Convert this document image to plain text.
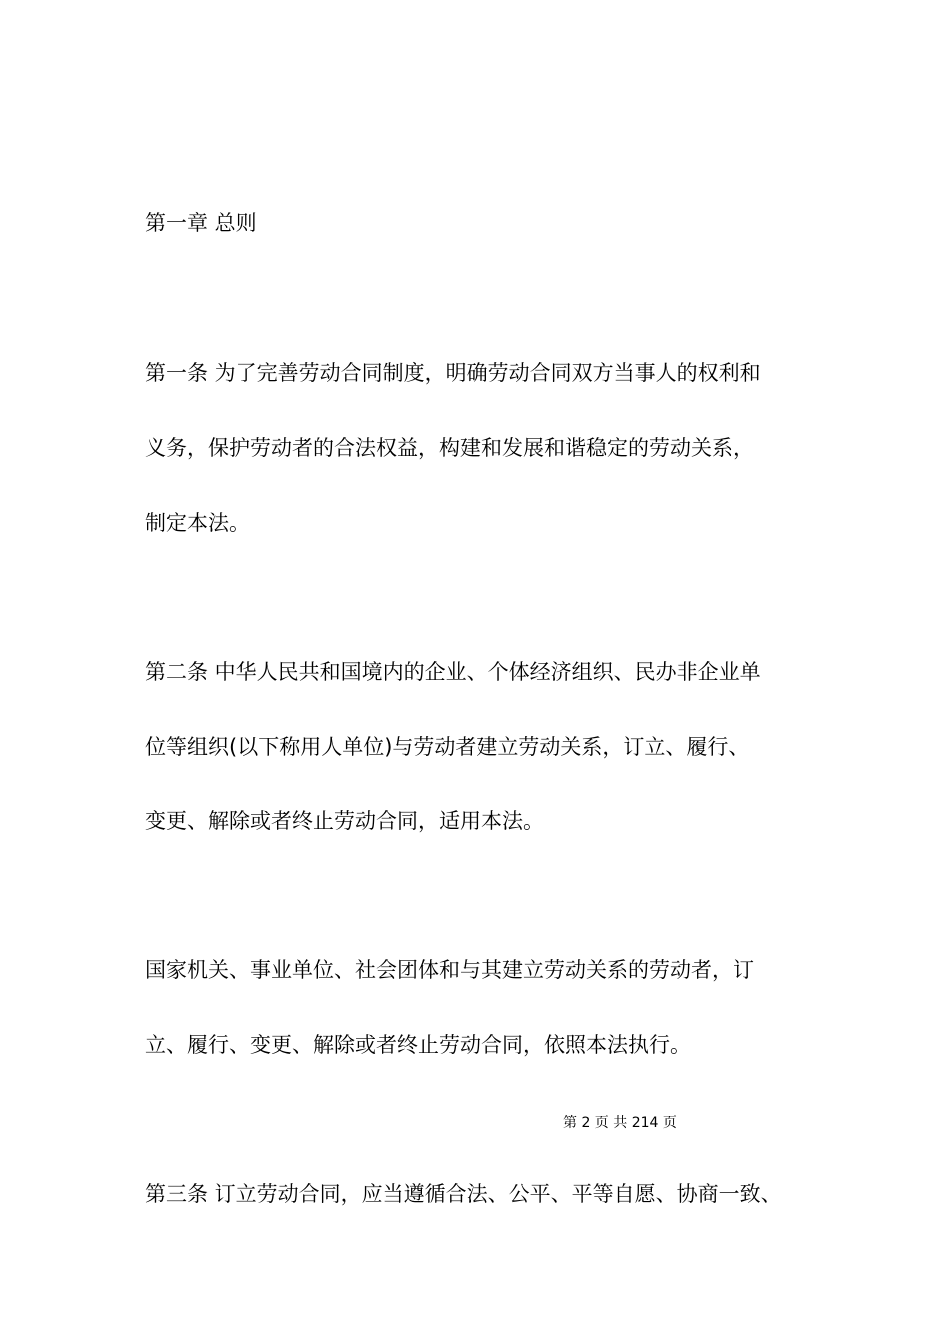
第一章 总则

第一条 为了完善劳动合同制度，明确劳动合同双方当事人的权利和

义务，保护劳动者的合法权益，构建和发展和谐稳定的劳动关系，

制定本法。

第二条 中华人民共和国境内的企业、个体经济组织、民办非企业单

位等组织(以下称用人单位)与劳动者建立劳动关系，订立、履行、

变更、解除或者终止劳动合同，适用本法。

国家机关、事业单位、社会团体和与其建立劳动关系的劳动者，订

立、履行、变更、解除或者终止劳动合同，依照本法执行。

第 2 页 共 214 页

第三条 订立劳动合同，应当遵循合法、公平、平等自愿、协商一致、
